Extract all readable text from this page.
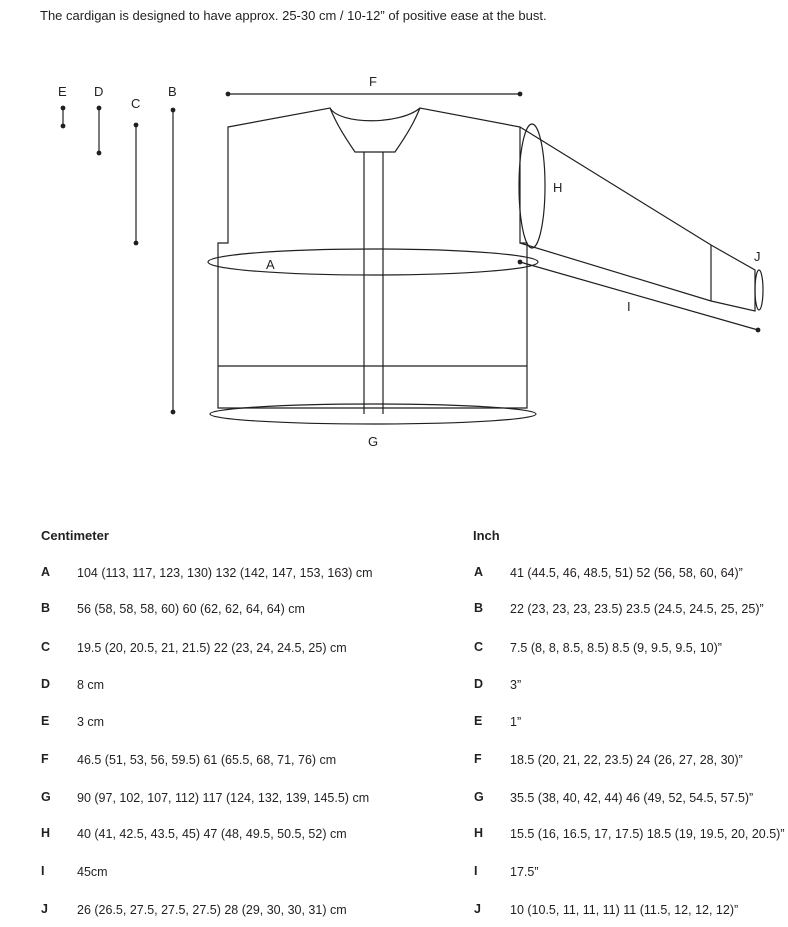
The cardigan is designed to have approx. 25-30 cm / 10-12” of positive ease at the bust.
E D
C
B
F
H
A
J
I
G
Centimeter	Inch
A 104 (113, 117, 123, 130) 132 (142, 147, 153, 163) cm	A 41 (44.5, 46, 48.5, 51) 52 (56, 58, 60, 64)”
B 56 (58, 58, 58, 60) 60 (62, 62, 64, 64) cm	B 22 (23, 23, 23, 23.5) 23.5 (24.5, 24.5, 25, 25)”
C 19.5 (20, 20.5, 21, 21.5) 22 (23, 24, 24.5, 25) cm	C 7.5 (8, 8, 8.5, 8.5) 8.5 (9, 9.5, 9.5, 10)”
D 8 cm	D 3”
E 3 cm	E 1”
F 46.5 (51, 53, 56, 59.5) 61 (65.5, 68, 71, 76) cm	F 18.5 (20, 21, 22, 23.5) 24 (26, 27, 28, 30)”
G 90 (97, 102, 107, 112) 117 (124, 132, 139, 145.5) cm	G 35.5 (38, 40, 42, 44) 46 (49, 52, 54.5, 57.5)”
H 40 (41, 42.5, 43.5, 45) 47 (48, 49.5, 50.5, 52) cm	H 15.5 (16, 16.5, 17, 17.5) 18.5 (19, 19.5, 20, 20.5)”
I	45cm	I	17.5”
J 26 (26.5, 27.5, 27.5, 27.5) 28 (29, 30, 30, 31) cm	J 10 (10.5, 11, 11, 11) 11 (11.5, 12, 12, 12)”
